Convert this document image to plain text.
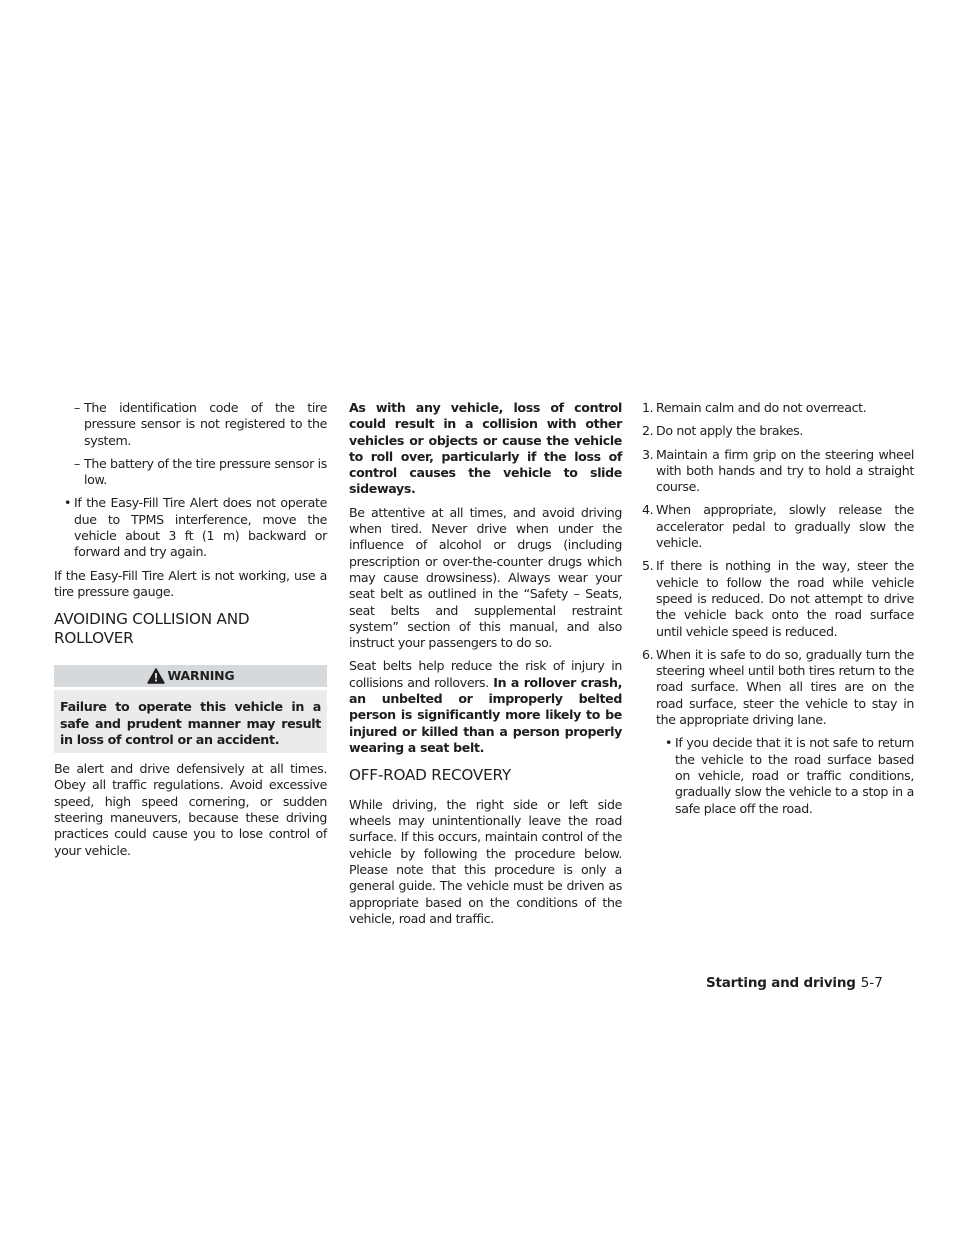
– The identification code of the tire pressure sensor is not registered to the system.
– The battery of the tire pressure sensor is low.
• If the Easy-Fill Tire Alert does not operate due to TPMS interference, move the vehicle about 3 ft (1 m) backward or forward and try again.

If the Easy-Fill Tire Alert is not working, use a tire pressure gauge.

AVOIDING COLLISION AND ROLLOVER
WARNING
Failure to operate this vehicle in a safe and prudent manner may result in loss of control or an accident.

Be alert and drive defensively at all times. Obey all traffic regulations. Avoid excessive speed, high speed cornering, or sudden steering maneuvers, because these driving practices could cause you to lose control of your vehicle.

As with any vehicle, loss of control could result in a collision with other vehicles or objects or cause the vehicle to roll over, particularly if the loss of control causes the vehicle to slide sideways.

Be attentive at all times, and avoid driving when tired. Never drive when under the influence of alcohol or drugs (including prescription or over-the-counter drugs which may cause drowsiness). Always wear your seat belt as outlined in the “Safety – Seats, seat belts and supplemental restraint system” section of this manual, and also instruct your passengers to do so.

Seat belts help reduce the risk of injury in collisions and rollovers. In a rollover crash, an unbelted or improperly belted person is significantly more likely to be injured or killed than a person properly wearing a seat belt.

OFF-ROAD RECOVERY

While driving, the right side or left side wheels may unintentionally leave the road surface. If this occurs, maintain control of the vehicle by following the procedure below. Please note that this procedure is only a general guide. The vehicle must be driven as appropriate based on the conditions of the vehicle, road and traffic.

1. Remain calm and do not overreact.
2. Do not apply the brakes.
3. Maintain a firm grip on the steering wheel with both hands and try to hold a straight course.
4. When appropriate, slowly release the accelerator pedal to gradually slow the vehicle.
5. If there is nothing in the way, steer the vehicle to follow the road while vehicle speed is reduced. Do not attempt to drive the vehicle back onto the road surface until vehicle speed is reduced.
6. When it is safe to do so, gradually turn the steering wheel until both tires return to the road surface. When all tires are on the road surface, steer the vehicle to stay in the appropriate driving lane.
• If you decide that it is not safe to return the vehicle to the road surface based on vehicle, road or traffic conditions, gradually slow the vehicle to a stop in a safe place off the road.
Starting and driving 5-7
